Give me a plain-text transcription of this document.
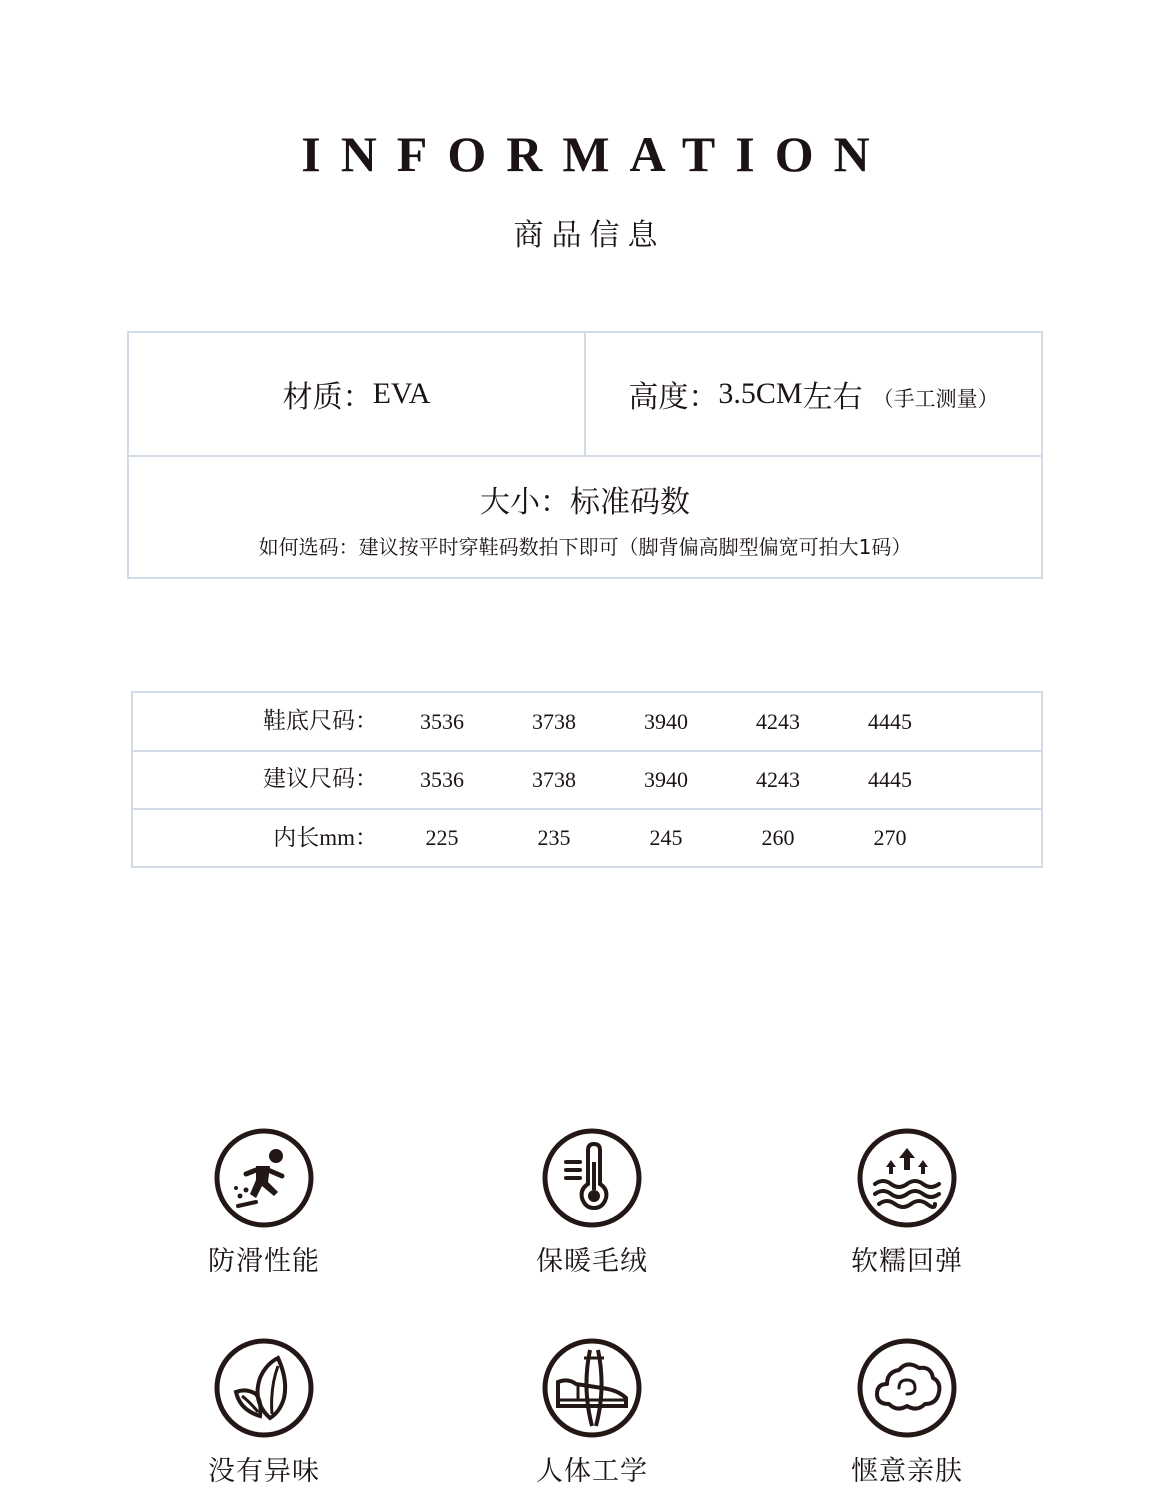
INFORMATION
商品信息
材质： EVA	高度： 3.5CM 左右 （手工测量）
大小：标准码数
如何选码：建议按平时穿鞋码数拍下即可（脚背偏高脚型偏宽可拍大1码）
鞋底尺码：	3536	3738	3940	4243	4445
建议尺码：	3536	3738	3940	4243	4445
内长mm：	225	235	245	260	270
防滑性能	保暖毛绒	软糯回弹
没有异味	人体工学	惬意亲肤
